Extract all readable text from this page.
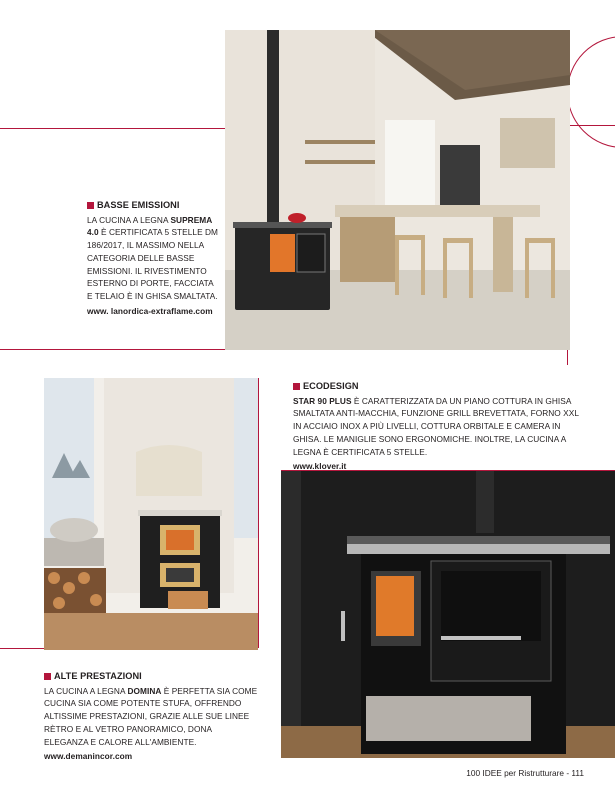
BASSE EMISSIONI
LA CUCINA A LEGNA SUPREMA 4.0 È CERTIFICATA 5 STELLE DM 186/2017, IL MASSIMO NELLA CATEGORIA DELLE BASSE EMISSIONI. IL RIVESTIMENTO ESTERNO DI PORTE, FACCIATA E TELAIO È IN GHISA SMALTATA.
www. lanordica-extraflame.com
ECODESIGN
STAR 90 PLUS È CARATTERIZZATA DA UN PIANO COTTURA IN GHISA SMALTATA ANTI-MACCHIA, FUNZIONE GRILL BREVETTATA, FORNO XXL IN ACCIAIO INOX A PIÙ LIVELLI, COTTURA ORBITALE E CAMERA IN GHISA. LE MANIGLIE SONO ERGONOMICHE. INOLTRE, LA CUCINA A LEGNA È CERTIFICATA 5 STELLE.
www.klover.it
ALTE PRESTAZIONI
LA CUCINA A LEGNA DOMINA È PERFETTA SIA COME CUCINA SIA COME POTENTE STUFA, OFFRENDO ALTISSIME PRESTAZIONI, GRAZIE ALLE SUE LINEE RÈTRO E AL VETRO PANORAMICO, DONA ELEGANZA E CALORE ALL'AMBIENTE.
www.demanincor.com
100 IDEE per Ristrutturare - 111
